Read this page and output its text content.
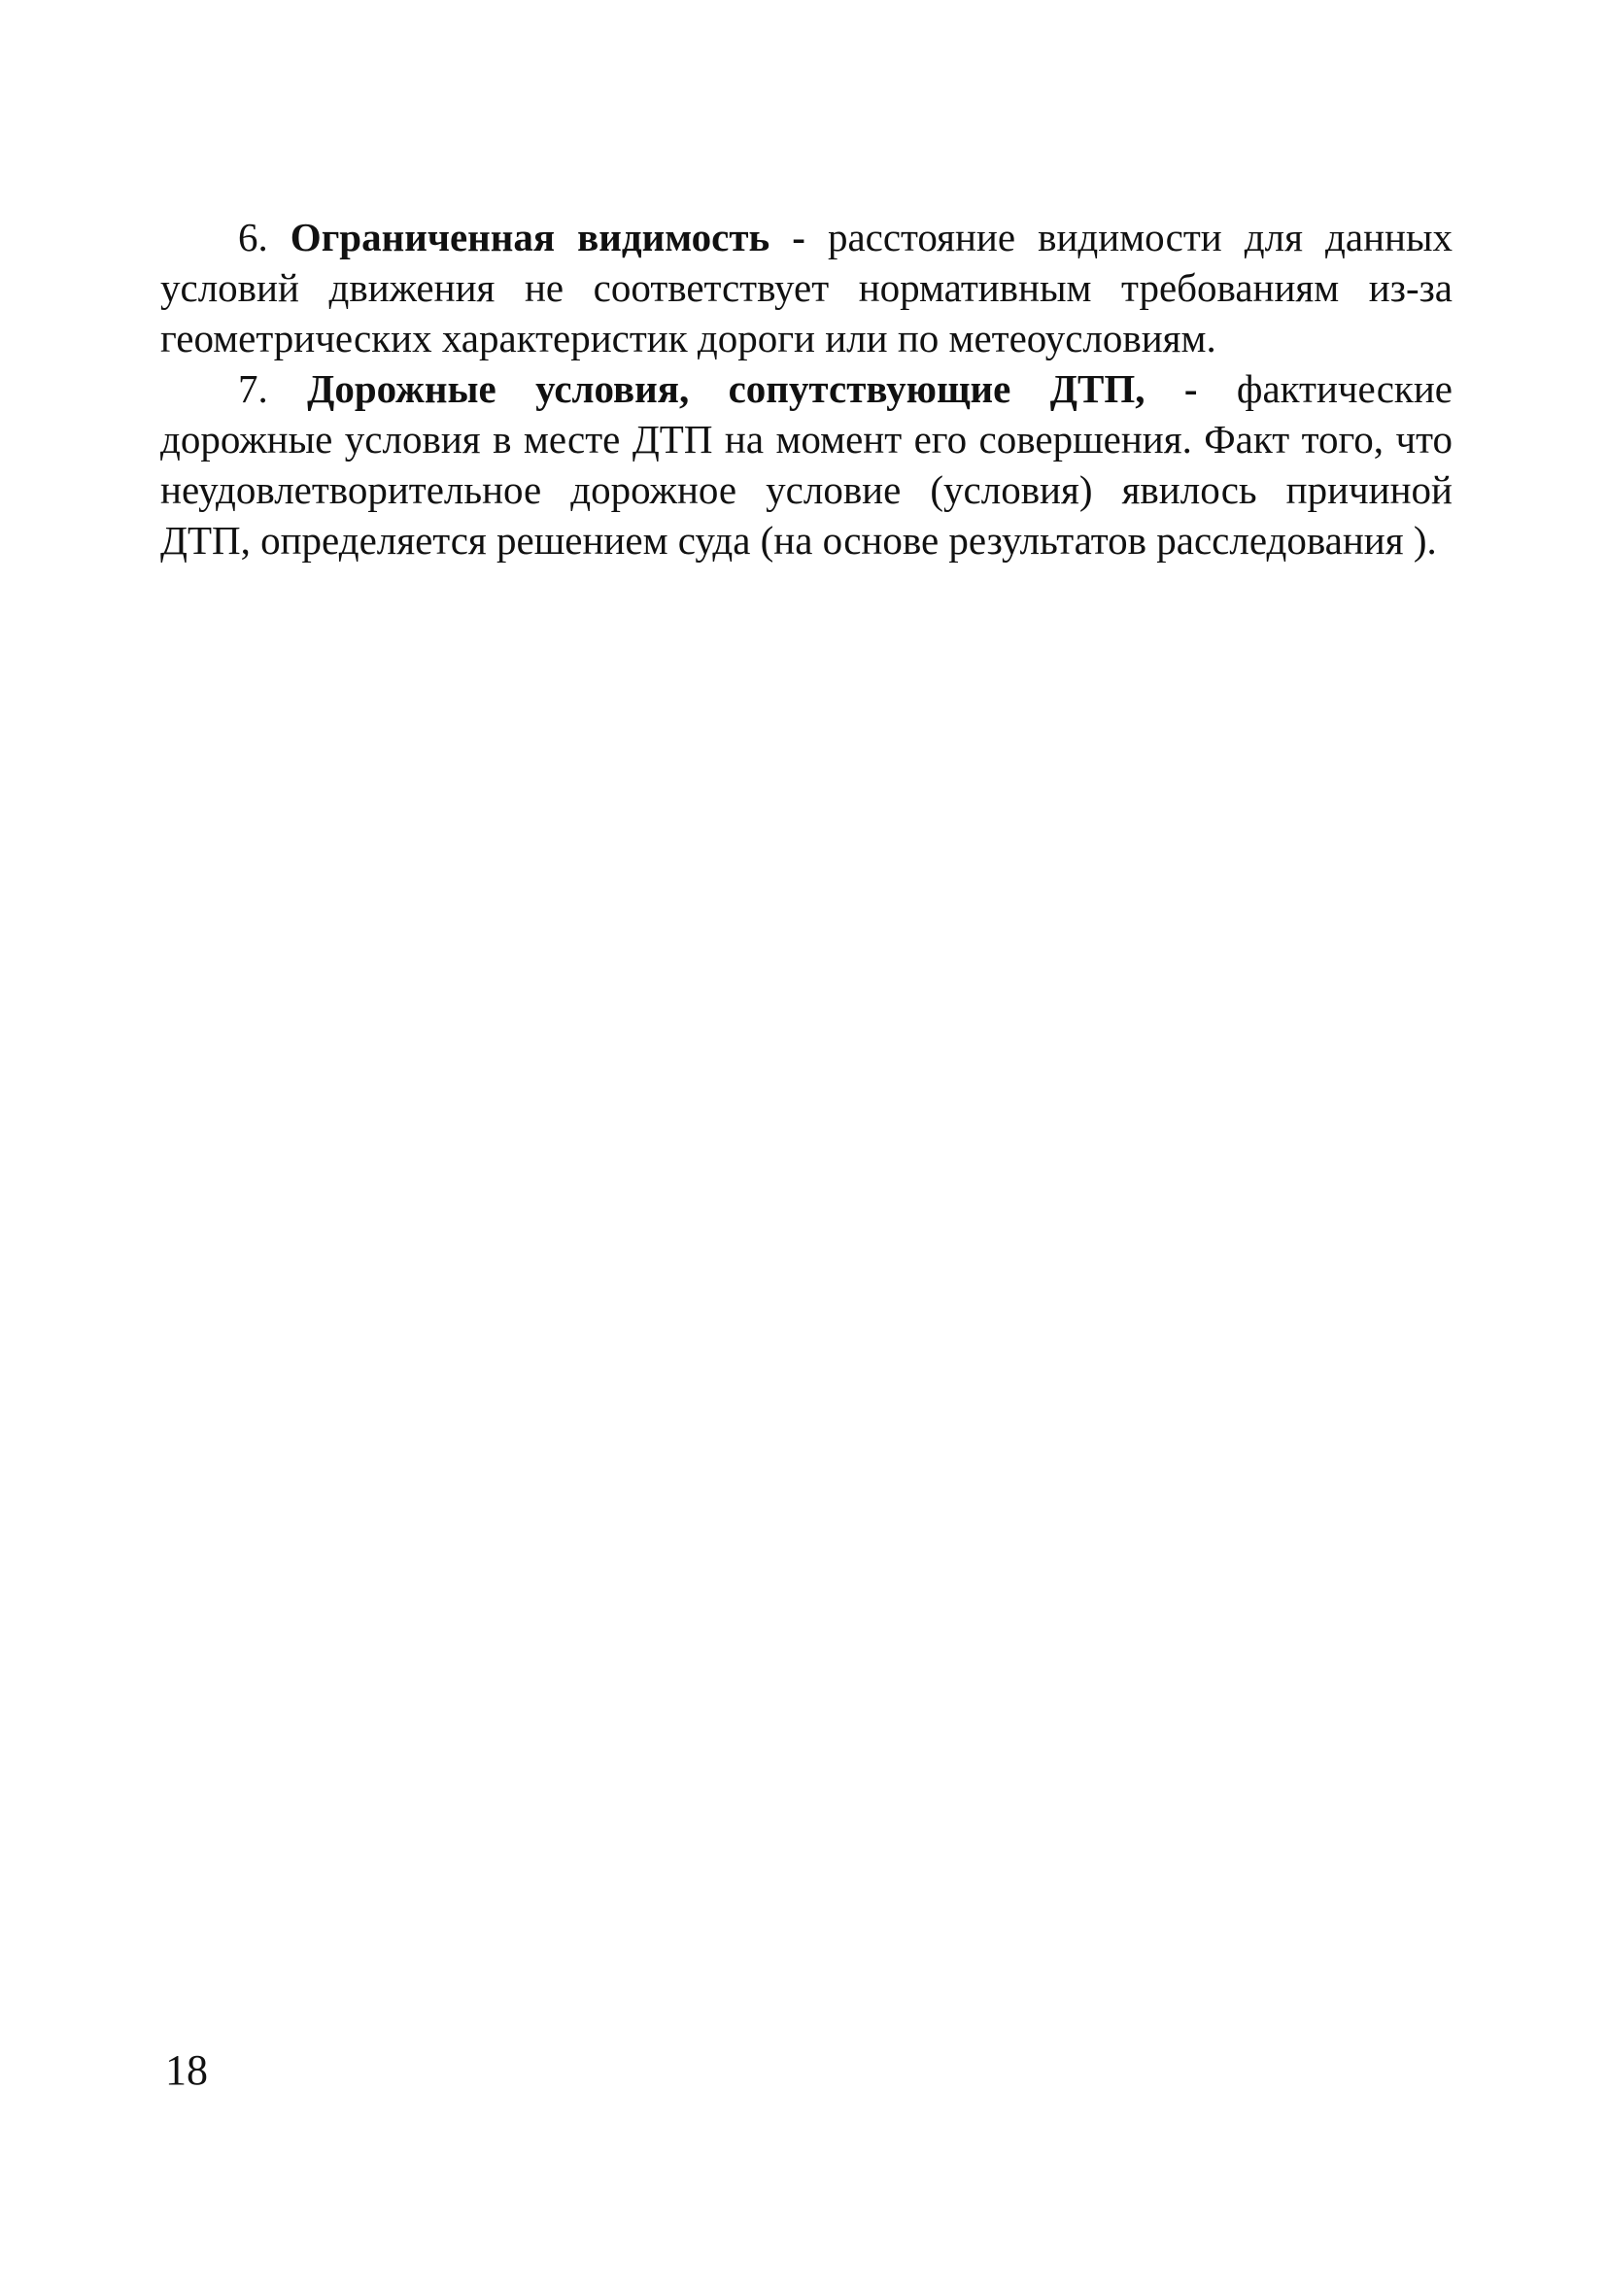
6. Ограниченная видимость - расстояние видимости для данных условий движения не соответствует нормативным требованиям из-за геометрических характеристик дороги или по метеоусловиям.

7. Дорожные условия, сопутствующие ДТП, - фактические дорожные условия в месте ДТП на момент его совершения. Факт того, что неудовлетворительное дорожное условие (условия) явилось причиной ДТП, определяется решением суда (на основе результатов расследования ).

18
